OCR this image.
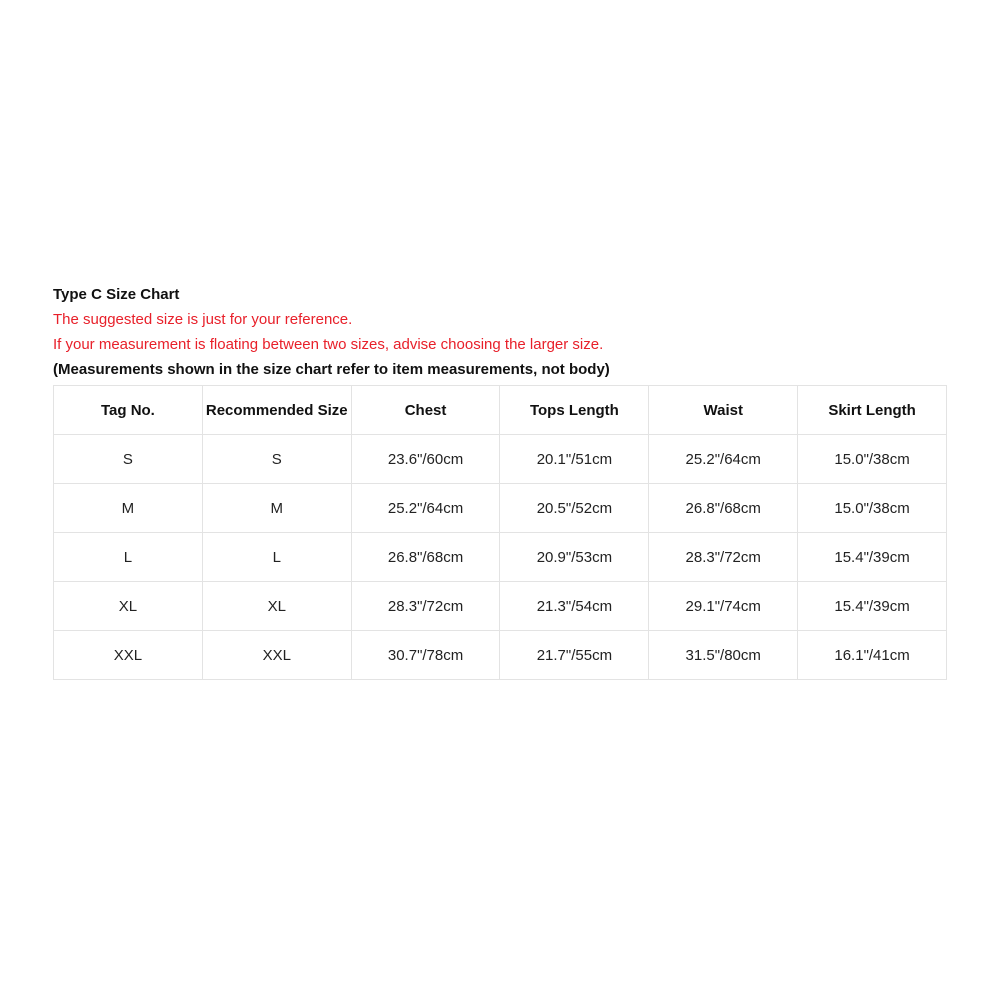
Type C Size Chart
The suggested size is just for your reference.
If your measurement is floating between two sizes, advise choosing the larger size.
(Measurements shown in the size chart refer to item measurements, not body)
Tag No.	Recommended Size	Chest	Tops Length	Waist	Skirt Length
S	S	23.6"/60cm	20.1"/51cm	25.2"/64cm	15.0"/38cm
M	M	25.2"/64cm	20.5"/52cm	26.8"/68cm	15.0"/38cm
L	L	26.8"/68cm	20.9"/53cm	28.3"/72cm	15.4"/39cm
XL	XL	28.3"/72cm	21.3"/54cm	29.1"/74cm	15.4"/39cm
XXL	XXL	30.7"/78cm	21.7"/55cm	31.5"/80cm	16.1"/41cm
